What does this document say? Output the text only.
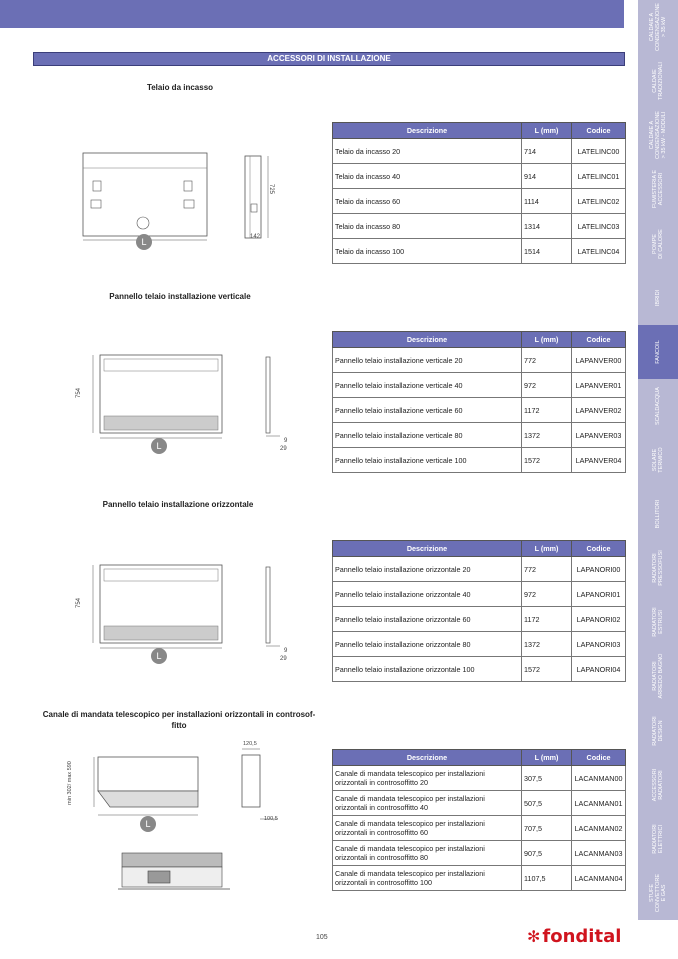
CALDAIE A
CONDENSAZIONE
> 35 kW
CALDAIE
TRADIZIONALI
CALDAIE A
CONDENSAZIONE
> 35 kW - MODULI
FUMISTERIA E
ACCESSORI
POMPE
DI CALORE
IBRIDI
FANCOIL
SCALDACQUA
SOLARE
TERMICO
BOLLITORI
RADIATORI
PRESSOFUSI
RADIATORI
ESTRUSI
RADIATORI
ARREDO BAGNO
RADIATORI
DESIGN
ACCESSORI
RADIATORI
RADIATORI
ELETTRICI
STUFE
CONVETTORE
E GAS
ACCESSORI DI INSTALLAZIONE
Telaio da incasso
L	142
725
Descrizione	L (mm)	Codice
Telaio da incasso 20	714	LATELINC00
Telaio da incasso 40	914	LATELINC01
Telaio da incasso 60	1114	LATELINC02
Telaio da incasso 80	1314	LATELINC03
Telaio da incasso 100	1514	LATELINC04
Pannello telaio installazione verticale
L
754
9
29
Descrizione	L (mm)	Codice
Pannello telaio installazione verticale 20	772	LAPANVER00
Pannello telaio installazione verticale 40	972	LAPANVER01
Pannello telaio installazione verticale 60	1172	LAPANVER02
Pannello telaio installazione verticale 80	1372	LAPANVER03
Pannello telaio installazione verticale 100	1572	LAPANVER04
Pannello telaio installazione orizzontale
L
754
9
29
Descrizione	L (mm)	Codice
Pannello telaio installazione orizzontale 20	772	LAPANORI00
Pannello telaio installazione orizzontale 40	972	LAPANORI01
Pannello telaio installazione orizzontale 60	1172	LAPANORI02
Pannello telaio installazione orizzontale 80	1372	LAPANORI03
Pannello telaio installazione orizzontale 100	1572	LAPANORI04
Canale di mandata telescopico per installazioni orizzontali in controsof-
fitto
L
min 302/ max 590
120,5
100,5
Descrizione	L (mm)	Codice
Canale di mandata telescopico per installazioni orizzontali in controsoffitto 20	307,5	LACANMAN00
Canale di mandata telescopico per installazioni orizzontali in controsoffitto 40	507,5	LACANMAN01
Canale di mandata telescopico per installazioni orizzontali in controsoffitto 60	707,5	LACANMAN02
Canale di mandata telescopico per installazioni orizzontali in controsoffitto 80	907,5	LACANMAN03
Canale di mandata telescopico per installazioni orizzontali in controsoffitto 100	1107,5	LACANMAN04
105	✻ fondital
